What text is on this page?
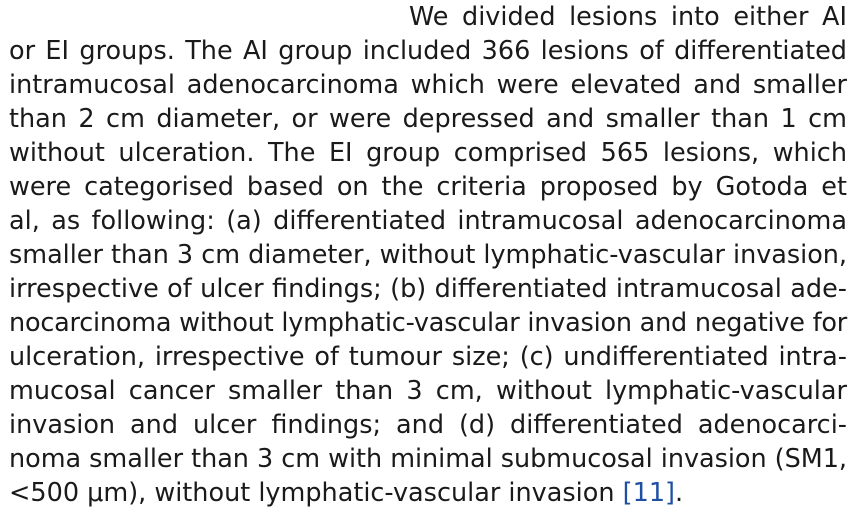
We divided lesions into either AI
or EI groups. The AI group included 366 lesions of differentiated
intramucosal adenocarcinoma which were elevated and smaller
than 2 cm diameter, or were depressed and smaller than 1 cm
without ulceration. The EI group comprised 565 lesions, which
were categorised based on the criteria proposed by Gotoda et
al, as following: (a) differentiated intramucosal adenocarcinoma
smaller than 3 cm diameter, without lymphatic-vascular invasion,
irrespective of ulcer findings; (b) differentiated intramucosal ade-
nocarcinoma without lymphatic-vascular invasion and negative for
ulceration, irrespective of tumour size; (c) undifferentiated intra-
mucosal cancer smaller than 3 cm, without lymphatic-vascular
invasion and ulcer findings; and (d) differentiated adenocarci-
noma smaller than 3 cm with minimal submucosal invasion (SM1,
<500 μm), without lymphatic-vascular invasion [11].
